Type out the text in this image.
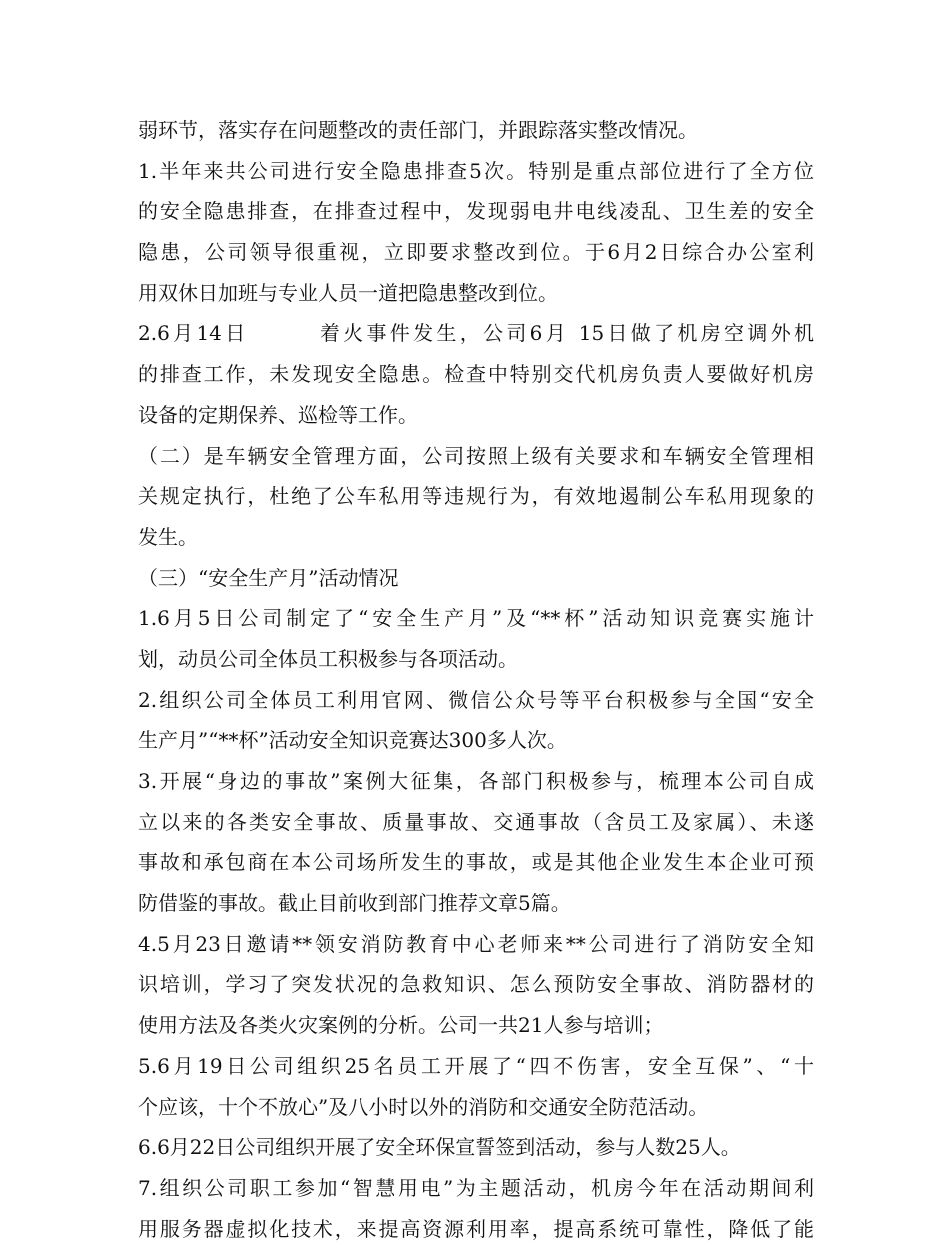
弱环节，落实存在问题整改的责任部门，并跟踪落实整改情况。
1.半年来共公司进行安全隐患排查5次。特别是重点部位进行了全方位
的安全隐患排查，在排查过程中，发现弱电井电线凌乱、卫生差的安全
隐患，公司领导很重视，立即要求整改到位。于6月2日综合办公室利
用双休日加班与专业人员一道把隐患整改到位。
2.6月14日	着火事件发生，公司6月 15日做了机房空调外机
的排查工作，未发现安全隐患。检查中特别交代机房负责人要做好机房
设备的定期保养、巡检等工作。
（二）是车辆安全管理方面，公司按照上级有关要求和车辆安全管理相
关规定执行，杜绝了公车私用等违规行为，有效地遏制公车私用现象的
发生。
（三）“安全生产月”活动情况
1.6月5日公司制定了“安全生产月”及“**杯”活动知识竞赛实施计
划，动员公司全体员工积极参与各项活动。
2.组织公司全体员工利用官网、微信公众号等平台积极参与全国“安全
生产月”“**杯”活动安全知识竞赛达300多人次。
3.开展“身边的事故”案例大征集，各部门积极参与，梳理本公司自成
立以来的各类安全事故、质量事故、交通事故（含员工及家属）、未遂
事故和承包商在本公司场所发生的事故，或是其他企业发生本企业可预
防借鉴的事故。截止目前收到部门推荐文章5篇。
4.5月23日邀请**领安消防教育中心老师来**公司进行了消防安全知
识培训，学习了突发状况的急救知识、怎么预防安全事故、消防器材的
使用方法及各类火灾案例的分析。公司一共21人参与培训；
5.6月19日公司组织25名员工开展了“四不伤害，安全互保”、“十
个应该，十个不放心”及八小时以外的消防和交通安全防范活动。
6.6月22日公司组织开展了安全环保宣誓签到活动，参与人数25人。
7.组织公司职工参加“智慧用电”为主题活动，机房今年在活动期间利
用服务器虚拟化技术，来提高资源利用率，提高系统可靠性，降低了能
